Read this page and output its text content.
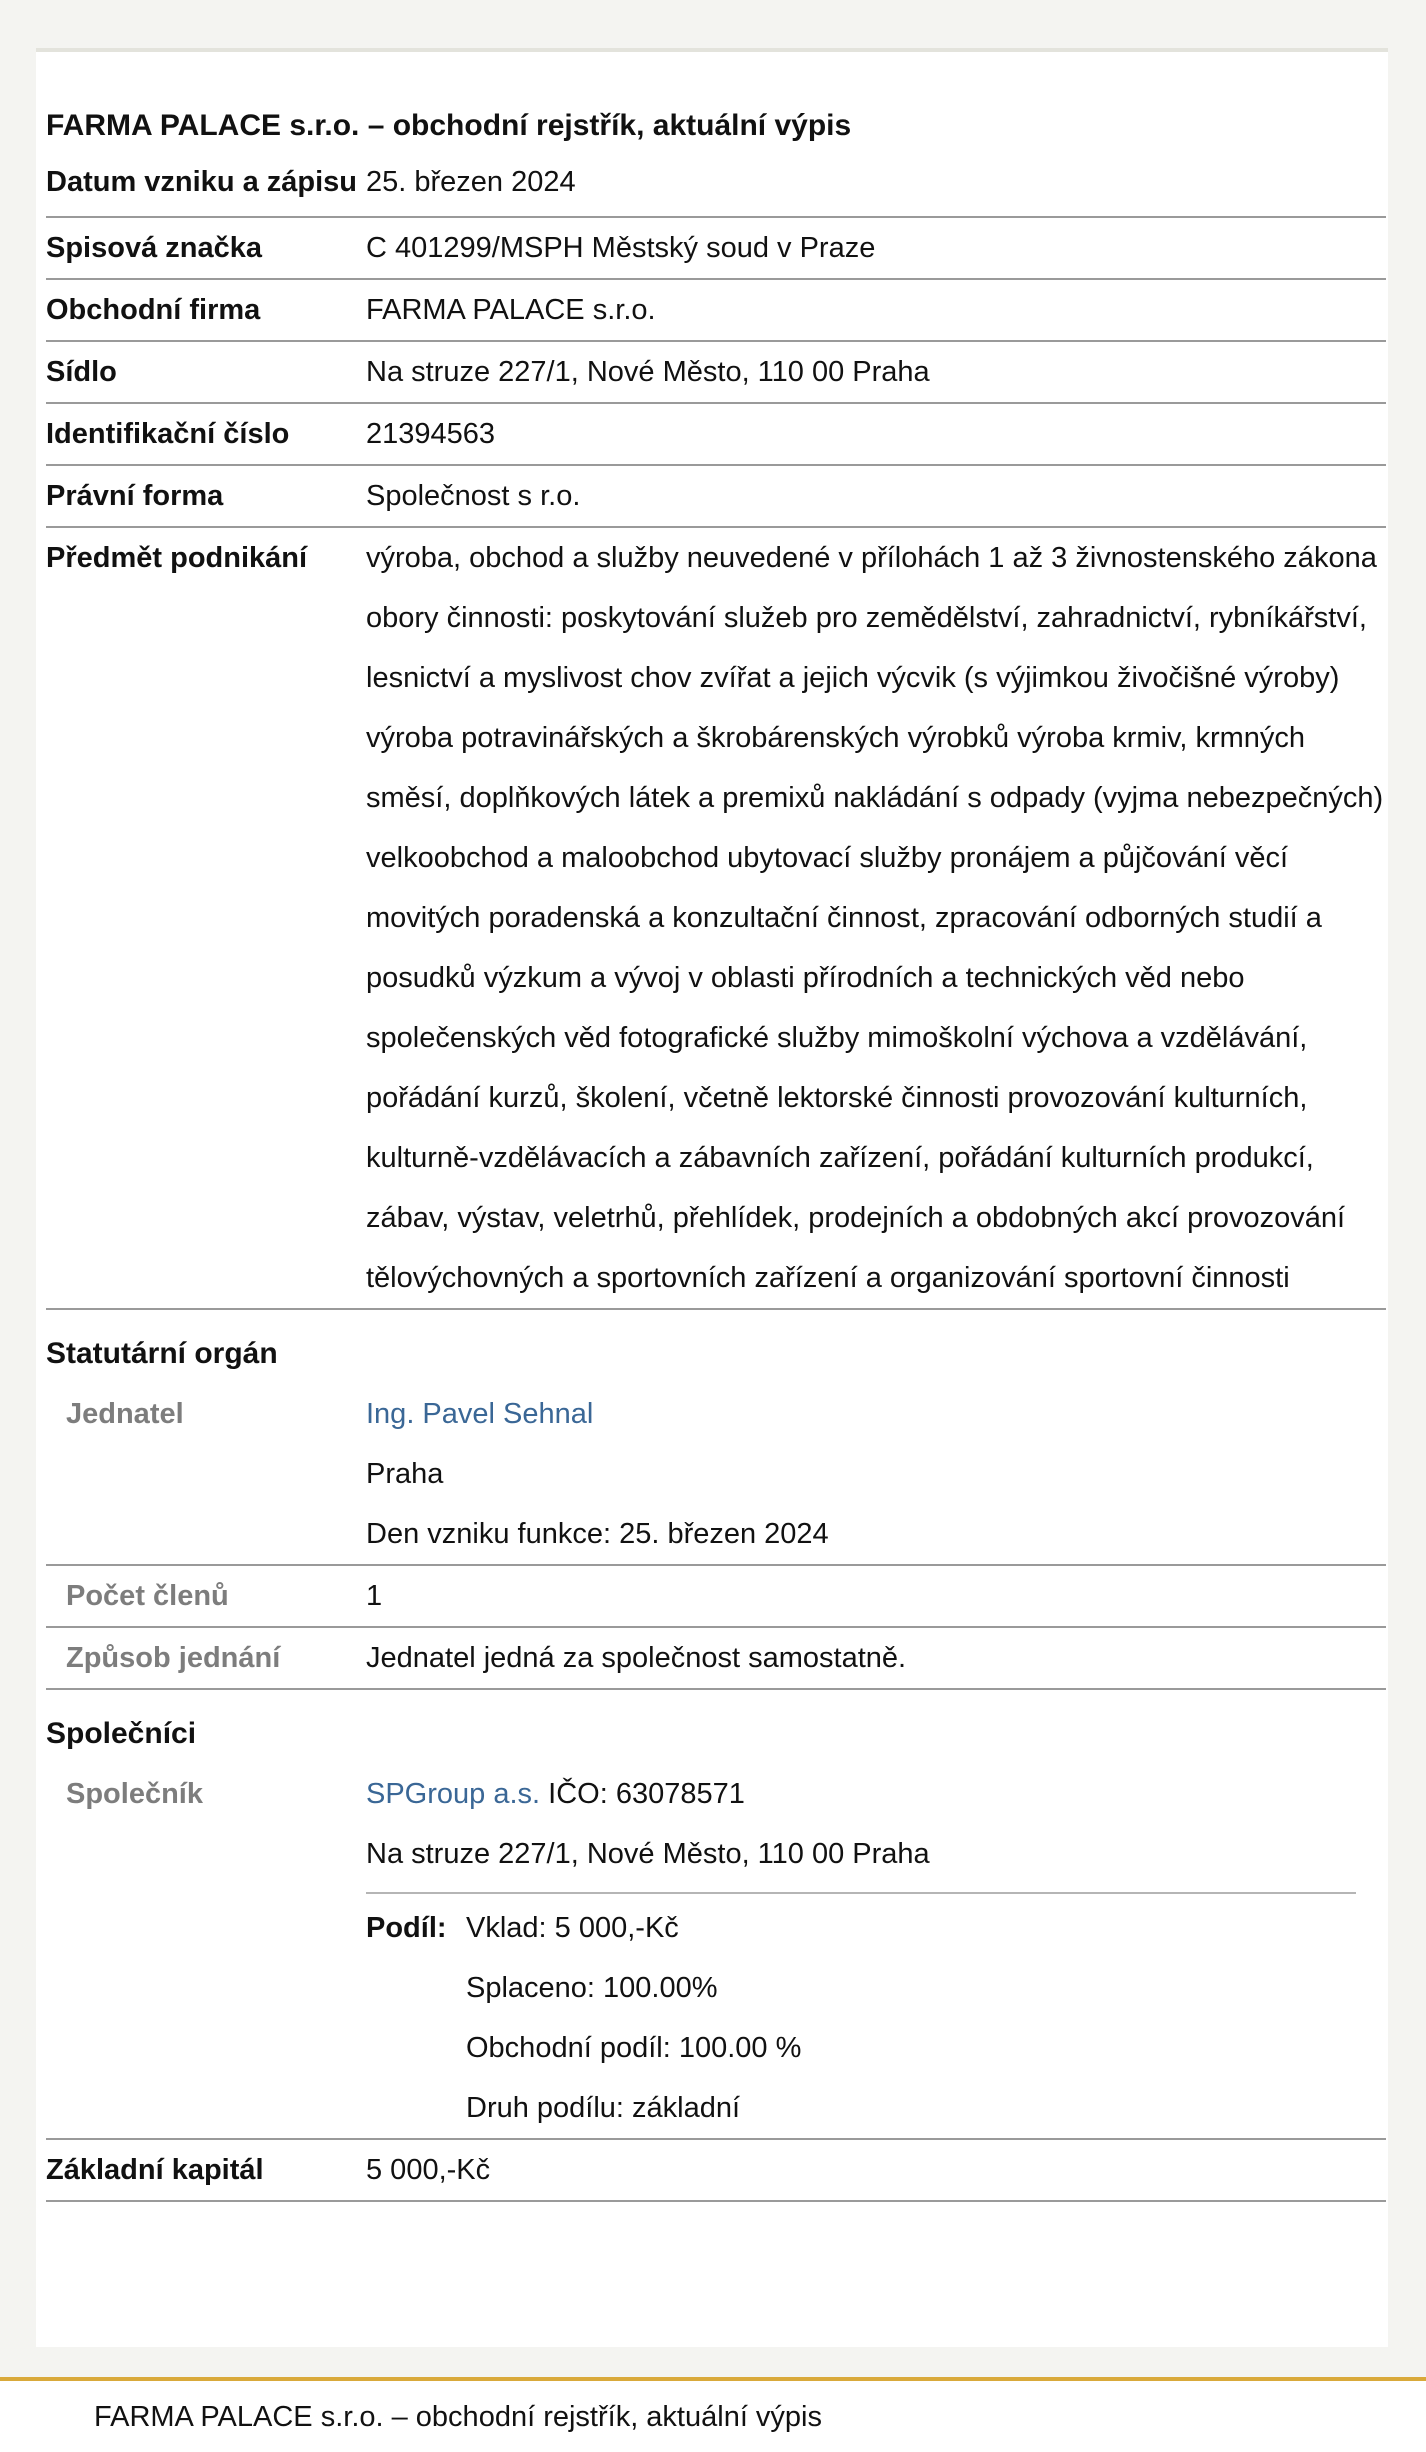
FARMA PALACE s.r.o. – obchodní rejstřík, aktuální výpis
Datum vzniku a zápisu 25. březen 2024
Spisová značka	C 401299/MSPH Městský soud v Praze
Obchodní firma	FARMA PALACE s.r.o.
Sídlo	Na struze 227/1, Nové Město, 110 00 Praha
Identifikační číslo	21394563
Právní forma	Společnost s r.o.
Předmět podnikání	výroba, obchod a služby neuvedené v přílohách 1 až 3 živnostenského zákona obory činnosti: poskytování služeb pro zemědělství, zahradnictví, rybníkářství, lesnictví a myslivost chov zvířat a jejich výcvik (s výjimkou živočišné výroby) výroba potravinářských a škrobárenských výrobků výroba krmiv, krmných směsí, doplňkových látek a premixů nakládání s odpady (vyjma nebezpečných) velkoobchod a maloobchod ubytovací služby pronájem a půjčování věcí movitých poradenská a konzultační činnost, zpracování odborných studií a posudků výzkum a vývoj v oblasti přírodních a technických věd nebo společenských věd fotografické služby mimoškolní výchova a vzdělávání, pořádání kurzů, školení, včetně lektorské činnosti provozování kulturních, kulturně-vzdělávacích a zábavních zařízení, pořádání kulturních produkcí, zábav, výstav, veletrhů, přehlídek, prodejních a obdobných akcí provozování tělovýchovných a sportovních zařízení a organizování sportovní činnosti
Statutární orgán
Jednatel	Ing. Pavel Sehnal
Praha
Den vzniku funkce: 25. březen 2024
Počet členů	1
Způsob jednání	Jednatel jedná za společnost samostatně.
Společníci
Společník	SPGroup a.s. IČO: 63078571
Na struze 227/1, Nové Město, 110 00 Praha
Podíl: Vklad: 5 000,-Kč
Splaceno: 100.00%
Obchodní podíl: 100.00 %
Druh podílu: základní
Základní kapitál	5 000,-Kč
FARMA PALACE s.r.o. – obchodní rejstřík, aktuální výpis
